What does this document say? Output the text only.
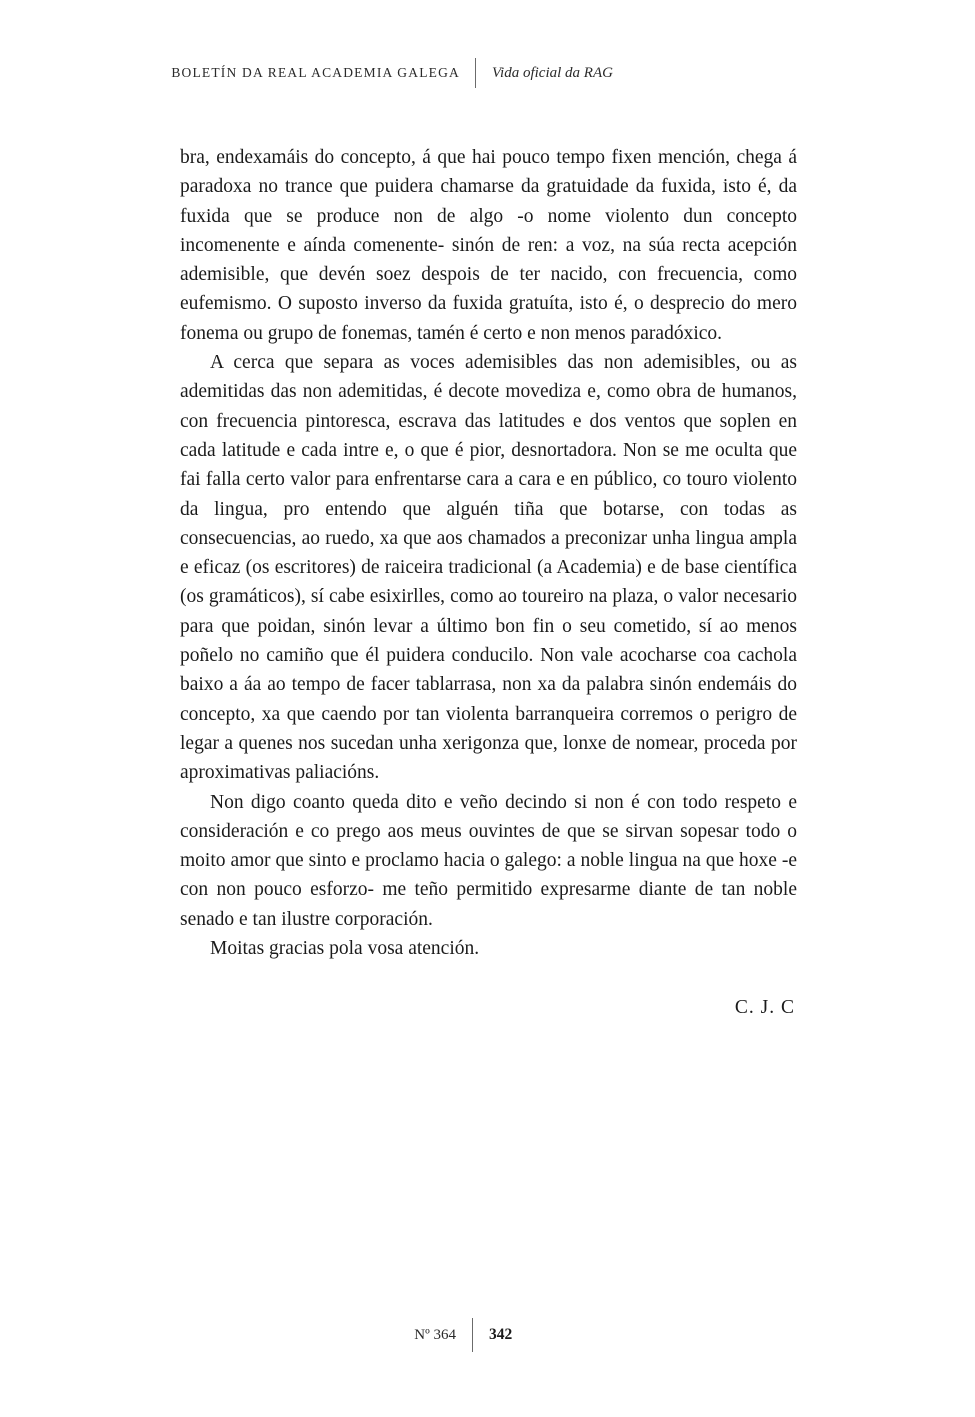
BOLETÍN DA REAL ACADEMIA GALEGA	Vida oficial da RAG

bra, endexamáis do concepto, á que hai pouco tempo fixen mención, chega á paradoxa no trance que puidera chamarse da gratuidade da fuxida, isto é, da fuxida que se produce non de algo -o nome violento dun concepto incomenente e aínda comenente- sinón de ren: a voz, na súa recta acepción ademisible, que devén soez despois de ter nacido, con frecuencia, como eufemismo. O suposto inverso da fuxida gratuíta, isto é, o desprecio do mero fonema ou grupo de fonemas, tamén é certo e non menos paradóxico.

A cerca que separa as voces ademisibles das non ademisibles, ou as ademitidas das non ademitidas, é decote movediza e, como obra de humanos, con frecuencia pintoresca, escrava das latitudes e dos ventos que soplen en cada latitude e cada intre e, o que é pior, desnortadora. Non se me oculta que fai falla certo valor para enfrentarse cara a cara e en público, co touro violento da lingua, pro entendo que alguén tiña que botarse, con todas as consecuencias, ao ruedo, xa que aos chamados a preconizar unha lingua ampla e eficaz (os escritores) de raiceira tradicional (a Academia) e de base científica (os gramáticos), sí cabe esixirlles, como ao toureiro na plaza, o valor necesario para que poidan, sinón levar a último bon fin o seu cometido, sí ao menos poñelo no camiño que él puidera conducilo. Non vale acocharse coa cachola baixo a áa ao tempo de facer tablarrasa, non xa da palabra sinón endemáis do concepto, xa que caendo por tan violenta barranqueira corremos o perigro de legar a quenes nos sucedan unha xerigonza que, lonxe de nomear, proceda por aproximativas paliacións.

Non digo coanto queda dito e veño decindo si non é con todo respeto e consideración e co prego aos meus ouvintes de que se sirvan sopesar todo o moito amor que sinto e proclamo hacia o galego: a noble lingua na que hoxe -e con non pouco esforzo- me teño permitido expresarme diante de tan noble senado e tan ilustre corporación.

Moitas gracias pola vosa atención.

C. J. C
Nº 364	342
